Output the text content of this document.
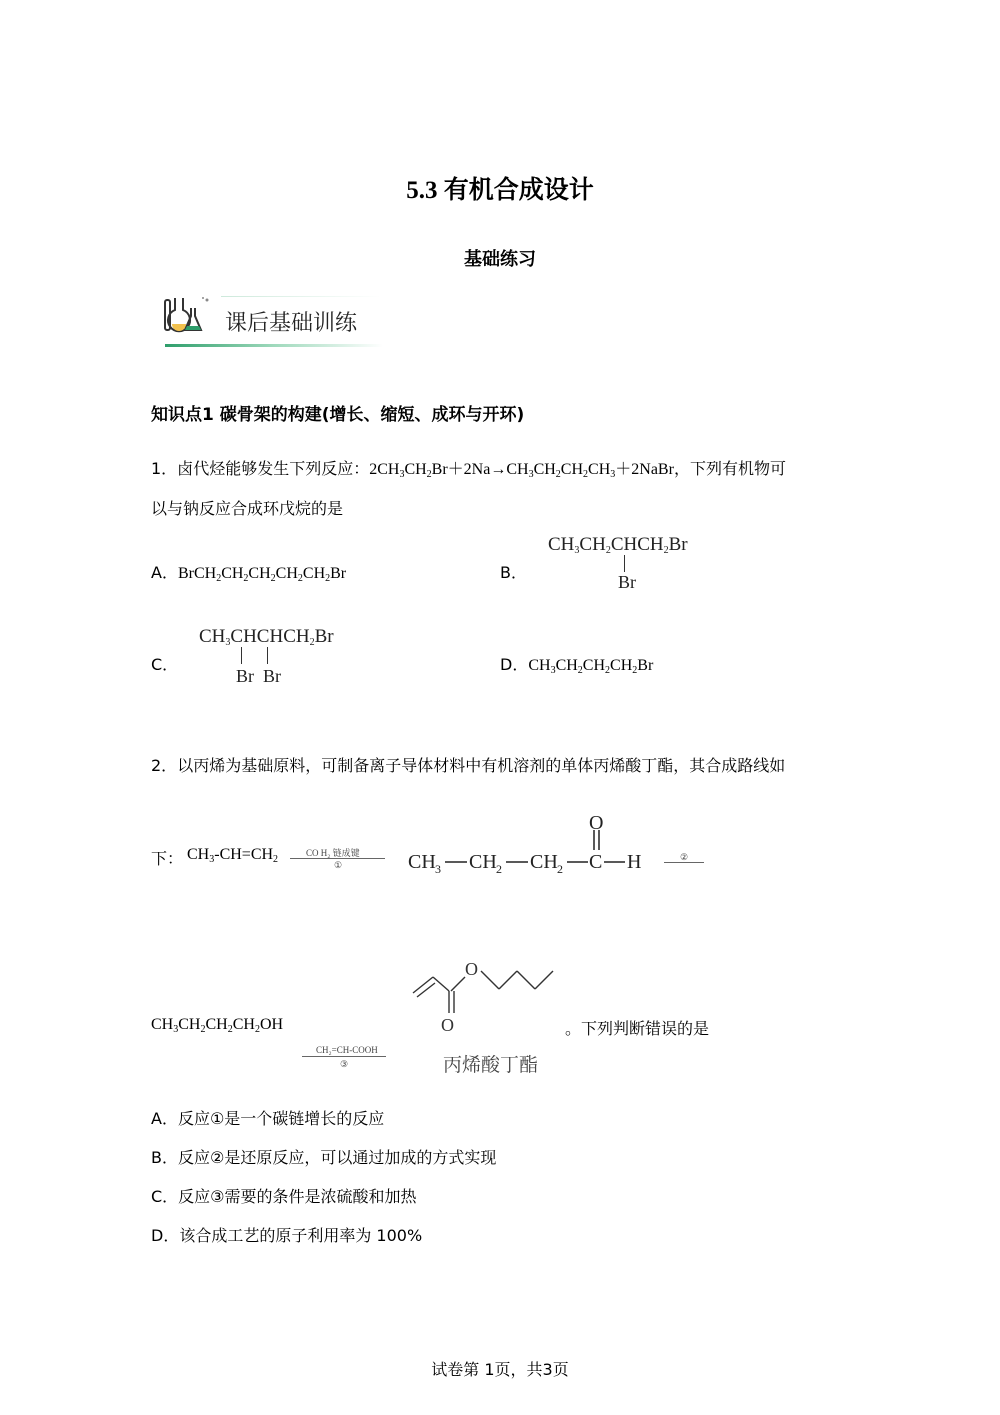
5.3 有机合成设计
基础练习
课后基础训练
知识点1 碳骨架的构建(增长、缩短、成环与开环)
1．卤代烃能够发生下列反应：$2CH_3CH_2Br+2Na\to CH_3CH_2CH_2CH_3+2NaBr$，下列有机物可
以与钠反应合成环戊烷的是
A．$BrCH_2CH_2CH_2CH_2CH_2Br$	B．
$CH_3CH_2CHCH_2Br$
Br
C．
$CH_3CHCHCH_2Br$
Br Br
D．$CH_3CH_2CH_2CH_2Br$
2．以丙烯为基础原料，可制备离子导体材料中有机溶剂的单体丙烯酸丁酯，其合成路线如
下： $CH_3-CH=CH_2$
CO H₂ 链成键
①	CH 3 CH 2 CH 2 C
O
H	②
$CH_3CH_2CH_2CH_2OH$
CH₂=CH-COOH
③
O
O
丙烯酸丁酯
。下列判断错误的是
A．反应①是一个碳链增长的反应
B．反应②是还原反应，可以通过加成的方式实现
C．反应③需要的条件是浓硫酸和加热
D．该合成工艺的原子利用率为 100%
试卷第 1页，共3页
